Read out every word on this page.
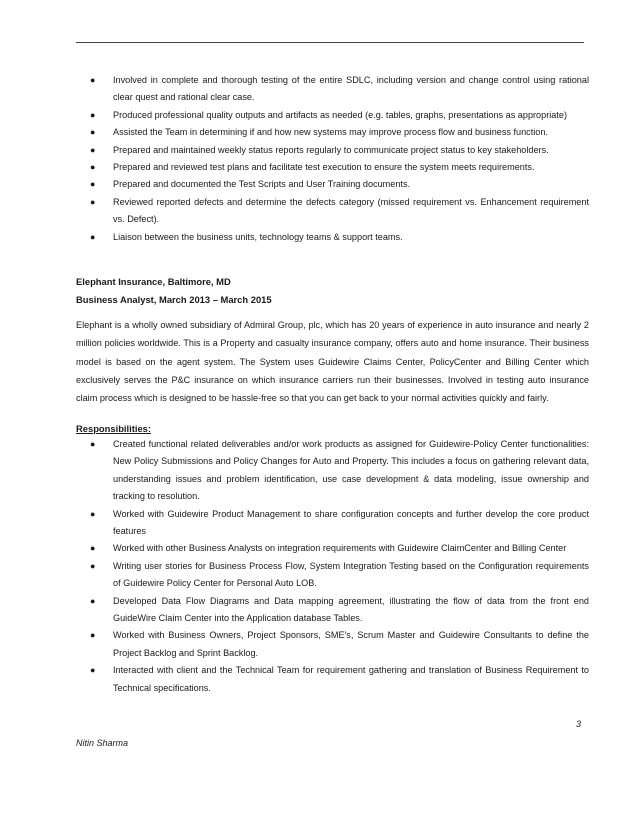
● Involved in complete and thorough testing of the entire SDLC, including version and change control using rational clear quest and rational clear case.
● Produced professional quality outputs and artifacts as needed (e.g. tables, graphs, presentations as appropriate)
● Assisted the Team in determining if and how new systems may improve process flow and business function.
● Prepared and maintained weekly status reports regularly to communicate project status to key stakeholders.
● Prepared and reviewed test plans and facilitate test execution to ensure the system meets requirements.
● Prepared and documented the Test Scripts and User Training documents.
● Reviewed reported defects and determine the defects category (missed requirement vs. Enhancement requirement vs. Defect).
● Liaison between the business units, technology teams & support teams.
Elephant Insurance, Baltimore, MD
Business Analyst, March 2013 – March 2015

Elephant is a wholly owned subsidiary of Admiral Group, plc, which has 20 years of experience in auto insurance and nearly 2 million policies worldwide. This is a Property and casualty insurance company, offers auto and home insurance. Their business model is based on the agent system. The System uses Guidewire Claims Center, PolicyCenter and Billing Center which exclusively serves the P&C insurance on which insurance carriers run their businesses. Involved in testing auto insurance claim process which is designed to be hassle-free so that you can get back to your normal activities quickly and fairly.

Responsibilities:
● Created functional related deliverables and/or work products as assigned for Guidewire-Policy Center functionalities: New Policy Submissions and Policy Changes for Auto and Property. This includes a focus on gathering relevant data, understanding issues and problem identification, use case development & data modeling, issue ownership and tracking to resolution.
● Worked with Guidewire Product Management to share configuration concepts and further develop the core product features
● Worked with other Business Analysts on integration requirements with Guidewire ClaimCenter and Billing Center
● Writing user stories for Business Process Flow, System Integration Testing based on the Configuration requirements of Guidewire Policy Center for Personal Auto LOB.
● Developed Data Flow Diagrams and Data mapping agreement, illustrating the flow of data from the front end GuideWire Claim Center into the Application database Tables.
● Worked with Business Owners, Project Sponsors, SME's, Scrum Master and Guidewire Consultants to define the Project Backlog and Sprint Backlog.
● Interacted with client and the Technical Team for requirement gathering and translation of Business Requirement to Technical specifications.
3
Nitin Sharma
